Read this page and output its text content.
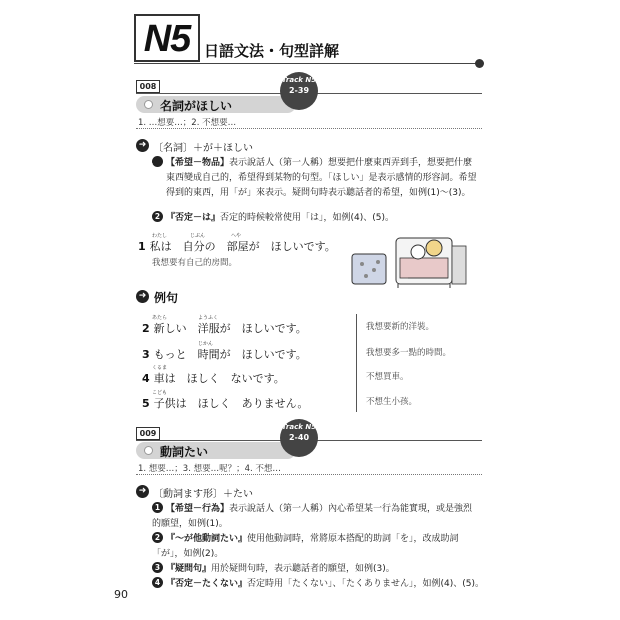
N5 日語文法・句型詳解
008
名詞がほしい
Track N5
2-39
1. …想要…；2. 不想要…
➜ 〔名詞〕＋が＋ほしい
1 【希望－物品】表示說話人（第一人稱）想要把什麼東西弄到手，想要把什麼東西變成自己的，希望得到某物的句型。「ほしい」是表示感情的形容詞。希望得到的東西，用「が」來表示。疑問句時表示聽話者的希望，如例(1)～(3)。
2 『否定－は』否定的時候較常使用「は」，如例(4)、(5)。
わたし	じぶん	へや
1 私は　自分の　部屋が　ほしいです。
我想要有自己的房間。
➜ 例句
あたら	ようふく
2 新しい　洋服が　ほしいです。	我想要新的洋裝。
じかん
3 もっと　時間が　ほしいです。	我想要多一點的時間。
くるま
4 車は　ほしく　ないです。	不想買車。
こども
5 子供は　ほしく　ありません。	不想生小孩。
009
動詞たい
Track N5
2-40
1. 想要…；3. 想要…呢？；4. 不想…
➜ 〔動詞ます形〕＋たい
1 【希望－行為】表示說話人（第一人稱）內心希望某一行為能實現，或是強烈的願望，如例(1)。
2 『～が他動詞たい』使用他動詞時，常將原本搭配的助詞「を」，改成助詞「が」，如例(2)。
3 『疑問句』用於疑問句時，表示聽話者的願望，如例(3)。
4 『否定－たくない』否定時用「たくない」、「たくありません」，如例(4)、(5)。
90
